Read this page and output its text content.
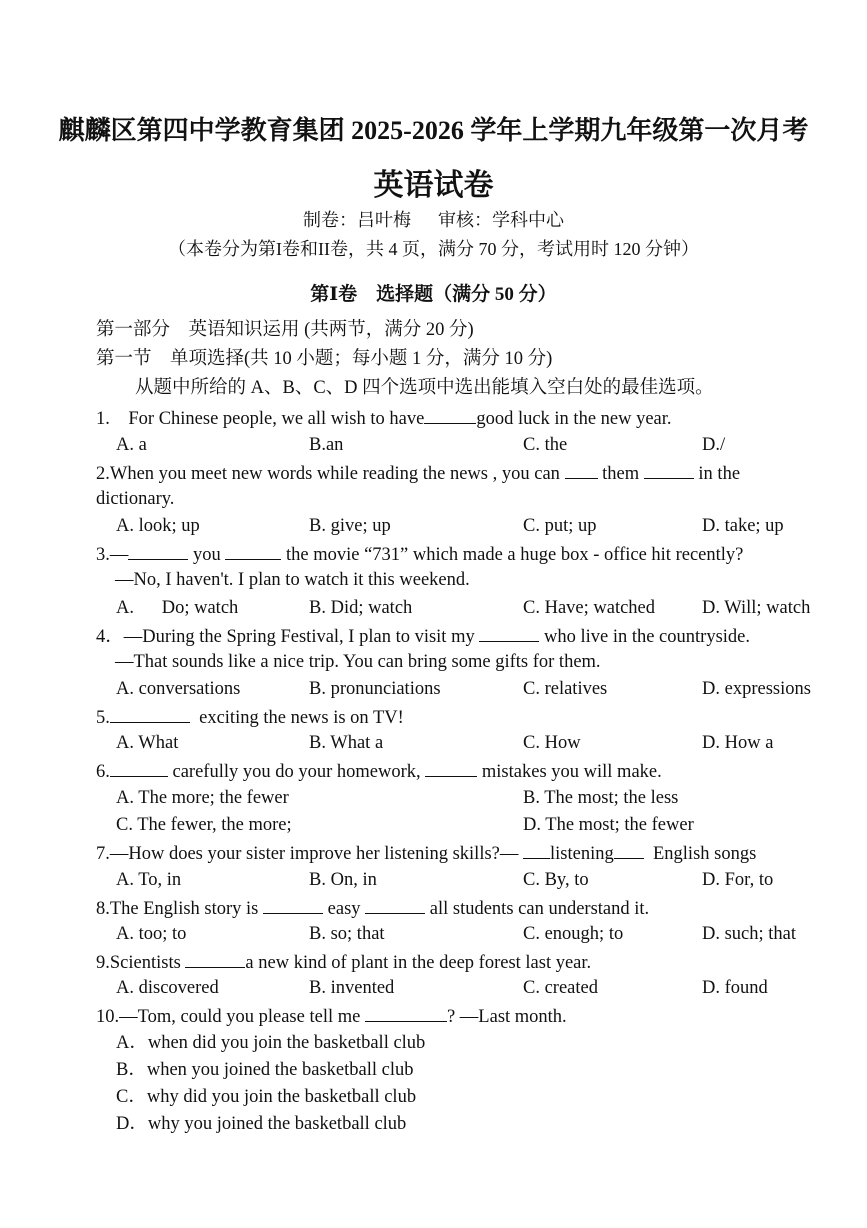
麒麟区第四中学教育集团 2025-2026 学年上学期九年级第一次月考
英语试卷
制卷：吕叶梅      审核：学科中心
（本卷分为第I卷和II卷，共 4 页，满分 70 分，考试用时 120 分钟）
第Ⅰ卷    选择题（满分 50 分）
第一部分    英语知识运用 (共两节，满分 20 分)
第一节    单项选择(共 10 小题；每小题 1 分，满分 10 分)
从题中所给的 A、B、C、D 四个选项中选出能填入空白处的最佳选项。
1.    For Chinese people, we all wish to have	good luck in the new year.
A. a	B.an	C. the	D./
2.When you meet new words while reading the news , you can them	in the
dictionary.
A. look; up	B. give; up	C. put; up	D. take; up
3.—	you	the movie “731” which made a huge box - office hit recently?
—No, I haven't. I plan to watch it this weekend.
A.      Do; watch	B. Did; watch	C. Have; watched	D. Will; watch
4．—During the Spring Festival, I plan to visit my	who live in the countryside.
—That sounds like a nice trip. You can bring some gifts for them.
A. conversations	B. pronunciations	C. relatives	D. expressions
5.	exciting the news is on TV!
A. What	B. What a	C. How	D. How a
6.	carefully you do your homework,	mistakes you will make.
A. The more; the fewer	B. The most; the less
C. The fewer, the more;	D. The most; the fewer
7.—How does your sister improve her listening skills?— listening English songs
A. To, in	B. On, in	C. By, to	D. For, to
8.The English story is	easy	all students can understand it.
A. too; to	B. so; that	C. enough; to	D. such; that
9.Scientists	a new kind of plant in the deep forest last year.
A. discovered	B. invented	C. created	D. found
10.—Tom, could you please tell me	? —Last month.
A．when did you join the basketball club
B．when you joined the basketball club
C．why did you join the basketball club
D．why you joined the basketball club
